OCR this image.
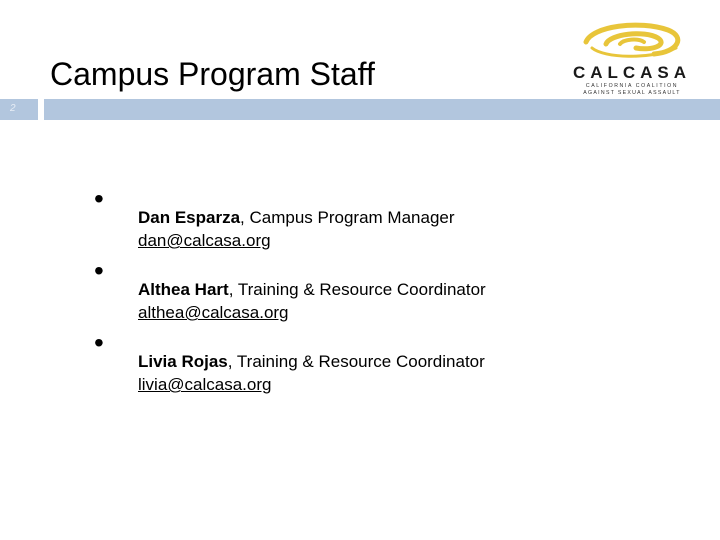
Campus Program Staff	CALCASA
CALIFORNIA COALITION
AGAINST SEXUAL ASSAULT
2
•
Dan Esparza, Campus Program Manager
dan@calcasa.org
•
Althea Hart, Training & Resource Coordinator
althea@calcasa.org
•
Livia Rojas, Training & Resource Coordinator
livia@calcasa.org
